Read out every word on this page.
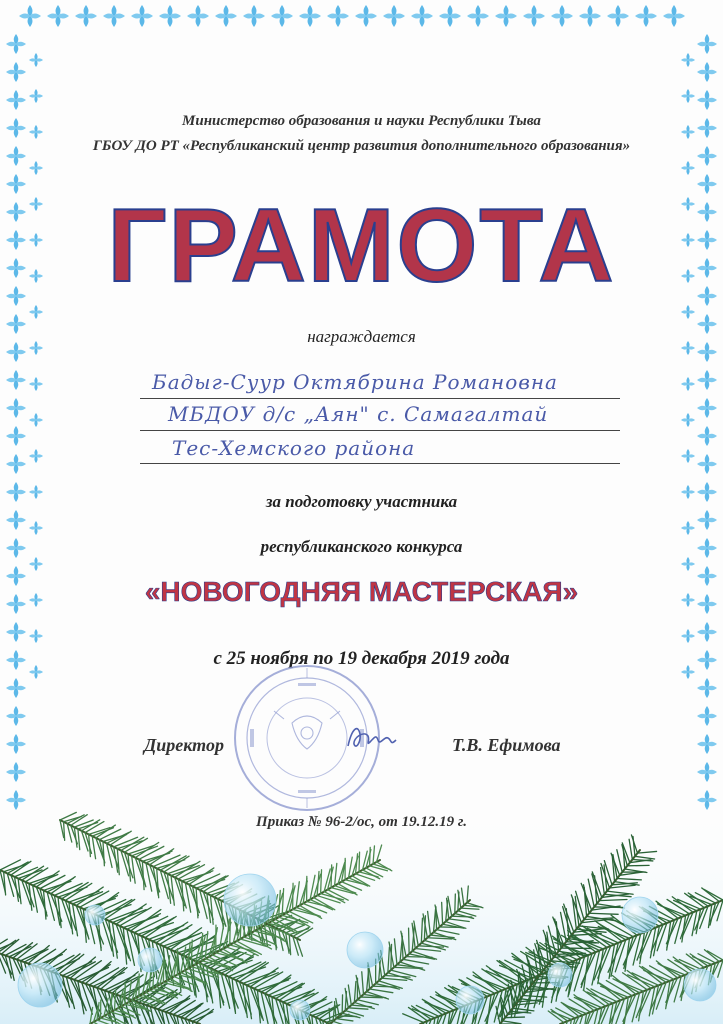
Министерство образования и науки Республики Тыва
ГБОУ ДО РТ «Республиканский центр развития дополнительного образования»
ГРАМОТА
награждается
Бадыг-Суур Октябрина Романовна
МБДОУ д/с „Аян" с. Самагалтай
Тес-Хемского района
за подготовку участника
республиканского конкурса
«НОВОГОДНЯЯ МАСТЕРСКАЯ»
с 25 ноября по 19 декабря 2019 года
Директор	Т.В. Ефимова
Приказ № 96-2/ос, от 19.12.19 г.
